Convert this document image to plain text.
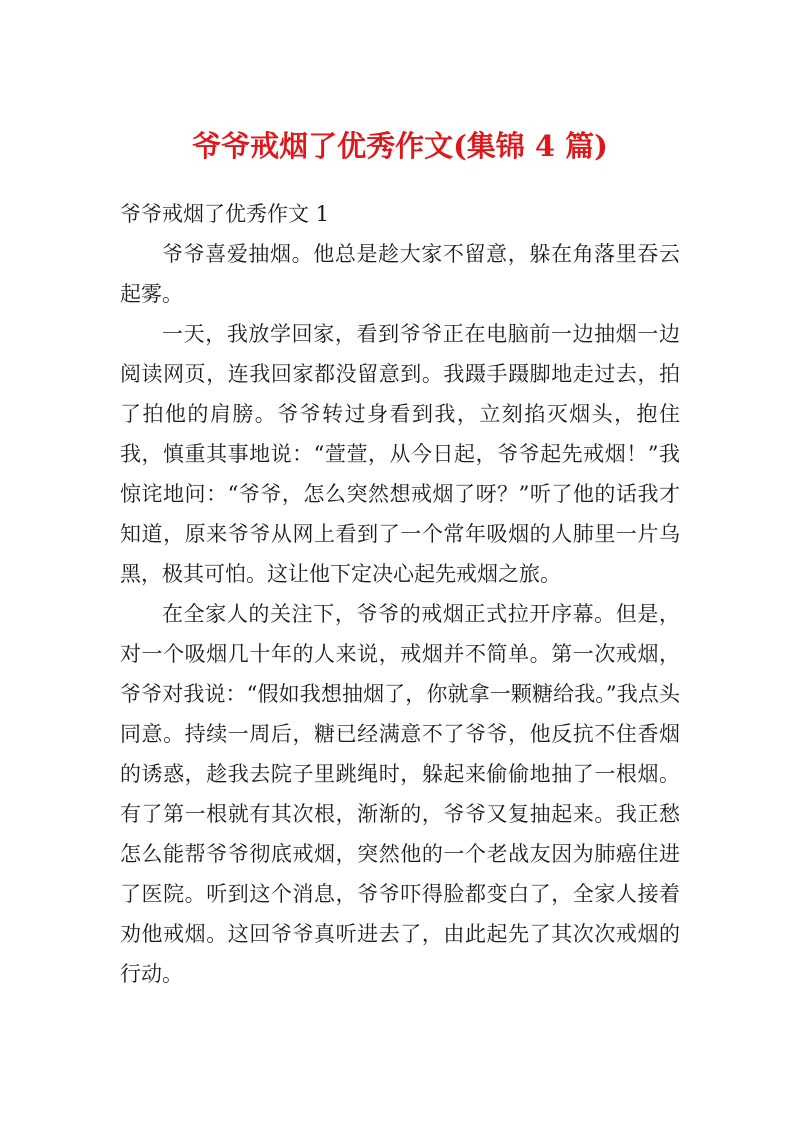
爷爷戒烟了优秀作文(集锦 4 篇)

爷爷戒烟了优秀作文 1

爷爷喜爱抽烟。他总是趁大家不留意，躲在角落里吞云起雾。

一天，我放学回家，看到爷爷正在电脑前一边抽烟一边阅读网页，连我回家都没留意到。我蹑手蹑脚地走过去，拍了拍他的肩膀。爷爷转过身看到我，立刻掐灭烟头，抱住我，慎重其事地说：“萱萱，从今日起，爷爷起先戒烟！”我惊诧地问：“爷爷，怎么突然想戒烟了呀？”听了他的话我才知道，原来爷爷从网上看到了一个常年吸烟的人肺里一片乌黑，极其可怕。这让他下定决心起先戒烟之旅。

在全家人的关注下，爷爷的戒烟正式拉开序幕。但是，对一个吸烟几十年的人来说，戒烟并不简单。第一次戒烟，爷爷对我说：“假如我想抽烟了，你就拿一颗糖给我。”我点头同意。持续一周后，糖已经满意不了爷爷，他反抗不住香烟的诱惑，趁我去院子里跳绳时，躲起来偷偷地抽了一根烟。有了第一根就有其次根，渐渐的，爷爷又复抽起来。我正愁怎么能帮爷爷彻底戒烟，突然他的一个老战友因为肺癌住进了医院。听到这个消息，爷爷吓得脸都变白了，全家人接着劝他戒烟。这回爷爷真听进去了，由此起先了其次次戒烟的行动。
